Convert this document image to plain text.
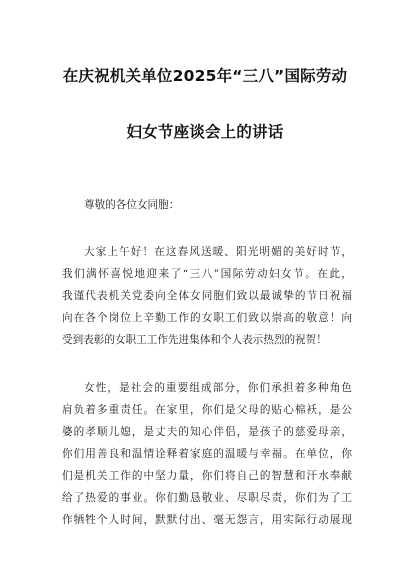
在庆祝机关单位2025年“三八”国际劳动
妇女节座谈会上的讲话
尊敬的各位女同胞：
大家上午好！在这春风送暖、阳光明媚的美好时节，
我们满怀喜悦地迎来了“三八”国际劳动妇女节。在此，
我谨代表机关党委向全体女同胞们致以最诚挚的节日祝福
向在各个岗位上辛勤工作的女职工们致以崇高的敬意！向
受到表彰的女职工工作先进集体和个人表示热烈的祝贺！
女性，是社会的重要组成部分，你们承担着多种角色
肩负着多重责任。在家里，你们是父母的贴心棉袄，是公
婆的孝顺儿媳，是丈夫的知心伴侣，是孩子的慈爱母亲，
你们用善良和温情诠释着家庭的温暖与幸福。在单位，你
们是机关工作的中坚力量，你们将自己的智慧和汗水奉献
给了热爱的事业。你们勤恳敬业、尽职尽责，你们为了工
作牺牲个人时间，默默付出、毫无怨言，用实际行动展现
